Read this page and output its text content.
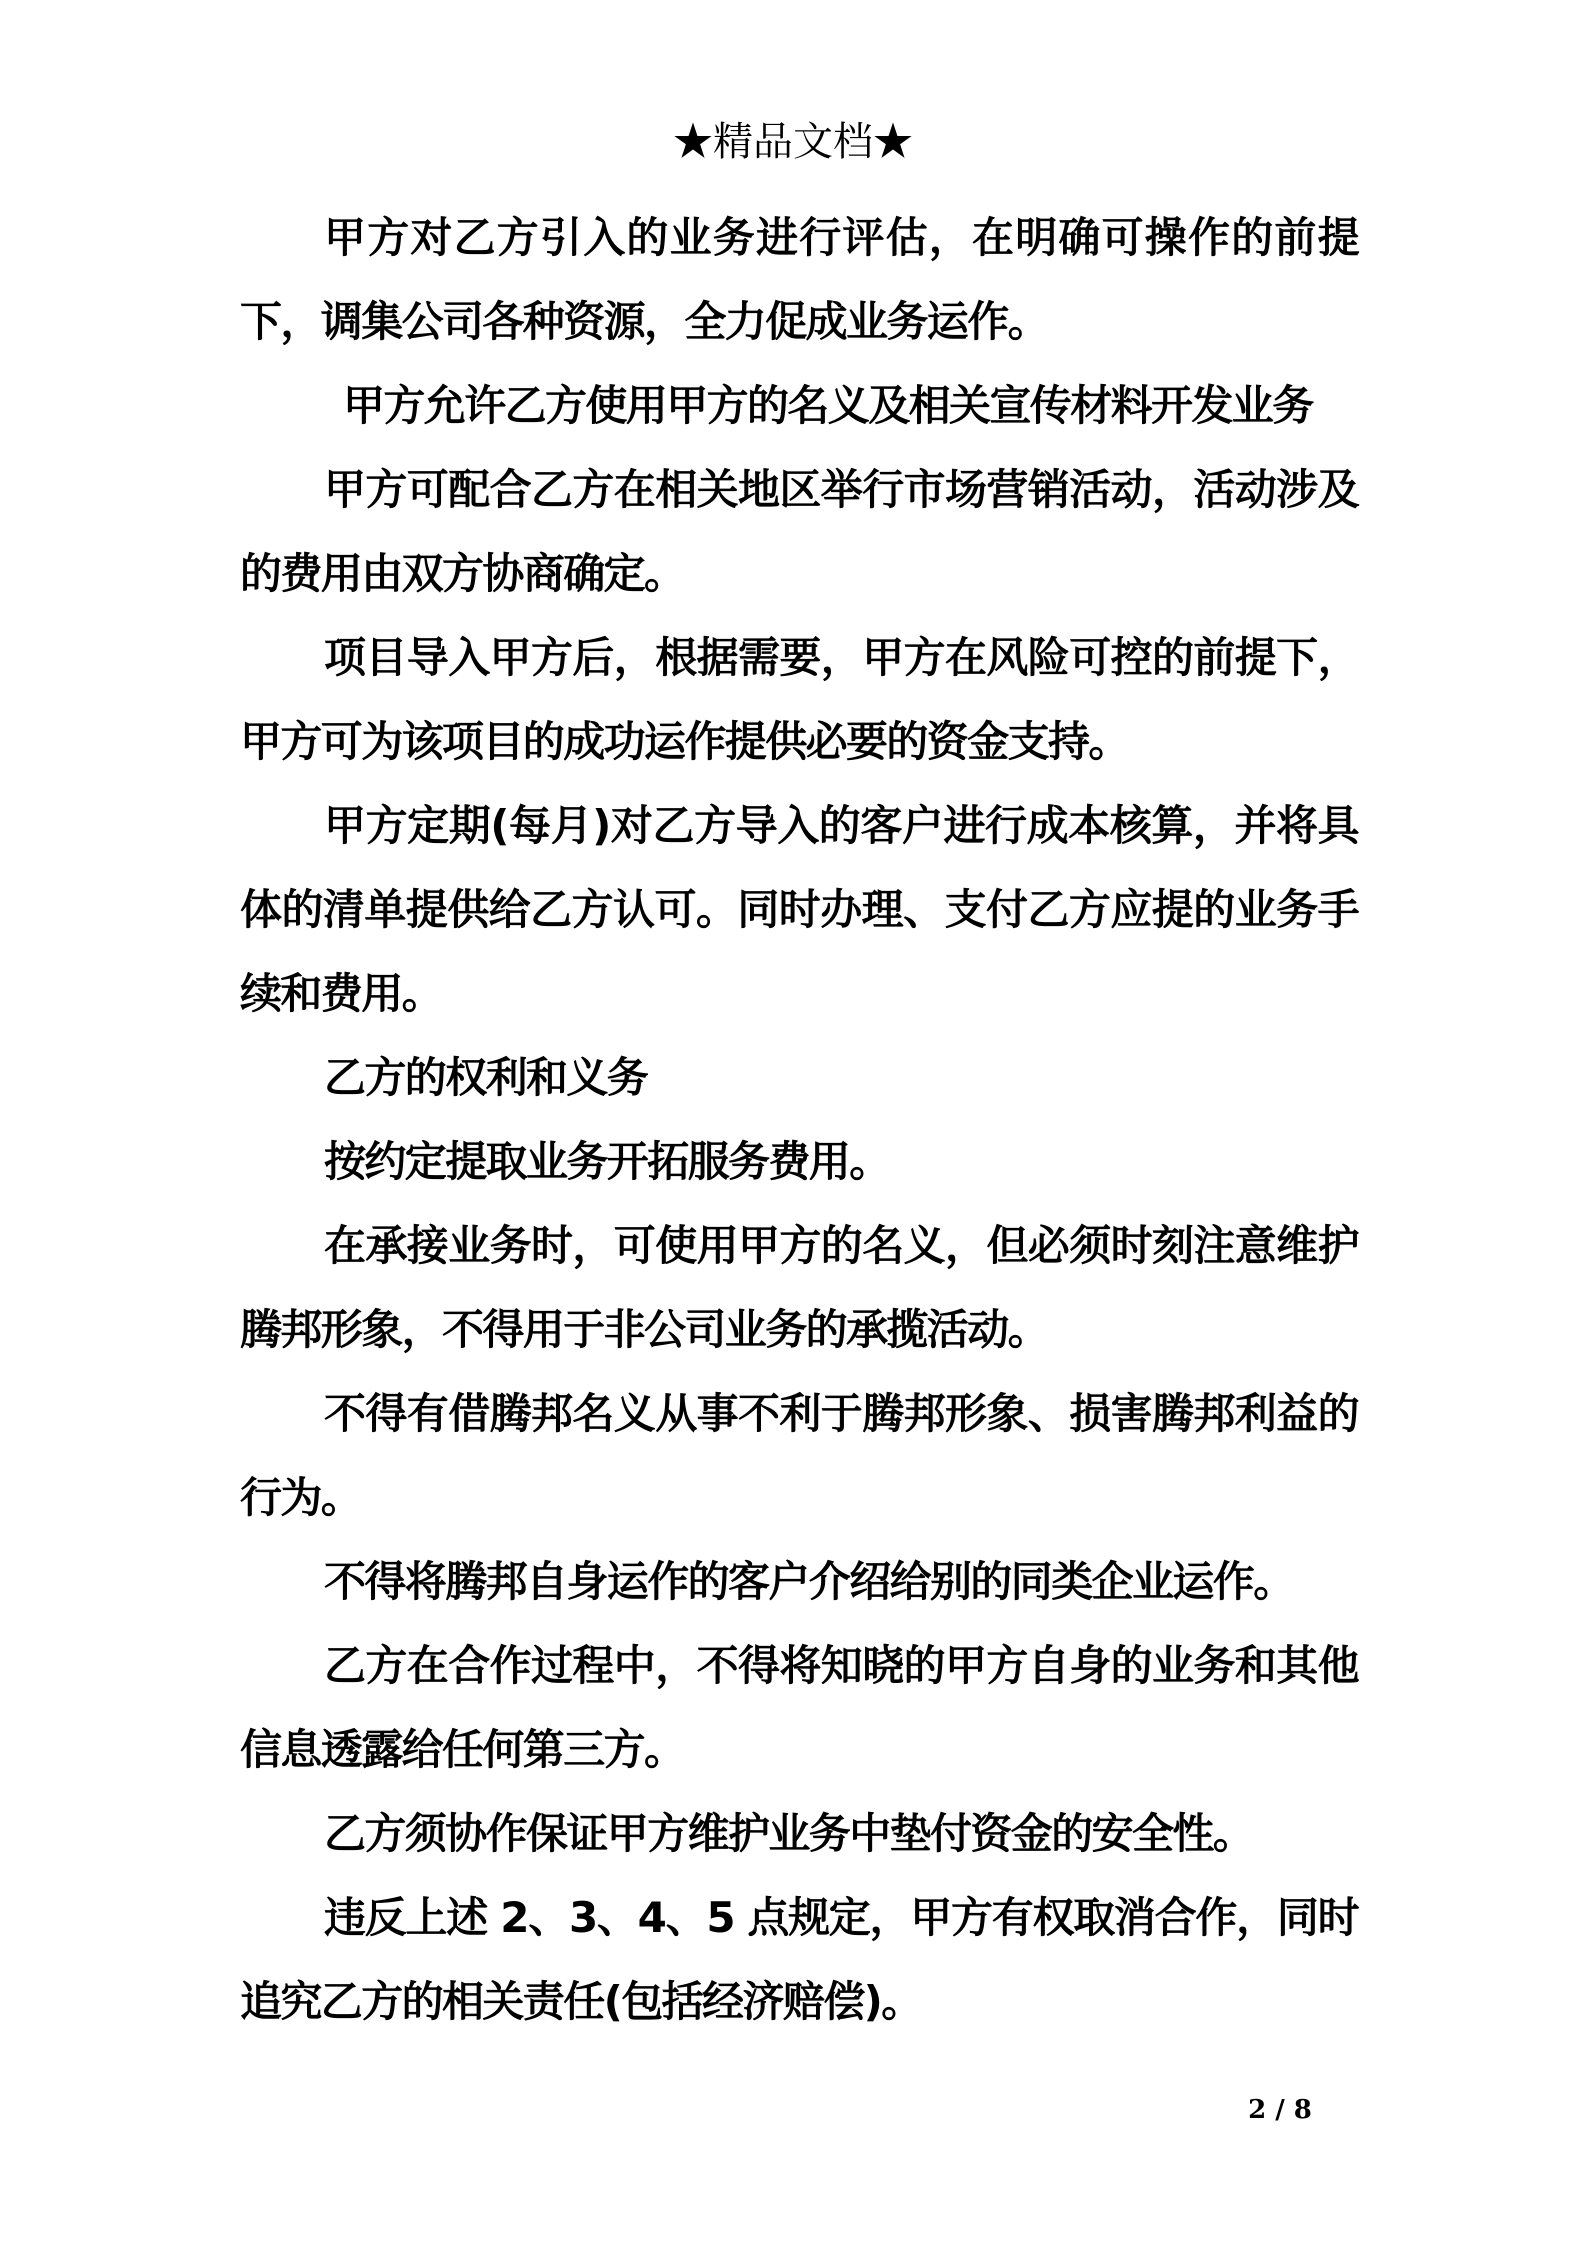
★精品文档★

甲方对乙方引入的业务进行评估，在明确可操作的前提下，调集公司各种资源，全力促成业务运作。

甲方允许乙方使用甲方的名义及相关宣传材料开发业务

甲方可配合乙方在相关地区举行市场营销活动，活动涉及的费用由双方协商确定。

项目导入甲方后，根据需要，甲方在风险可控的前提下，甲方可为该项目的成功运作提供必要的资金支持。

甲方定期(每月)对乙方导入的客户进行成本核算，并将具体的清单提供给乙方认可。同时办理、支付乙方应提的业务手续和费用。

乙方的权利和义务

按约定提取业务开拓服务费用。

在承接业务时，可使用甲方的名义，但必须时刻注意维护腾邦形象，不得用于非公司业务的承揽活动。

不得有借腾邦名义从事不利于腾邦形象、损害腾邦利益的行为。

不得将腾邦自身运作的客户介绍给别的同类企业运作。

乙方在合作过程中，不得将知晓的甲方自身的业务和其他信息透露给任何第三方。

乙方须协作保证甲方维护业务中垫付资金的安全性。

违反上述 2、3、4、5 点规定，甲方有权取消合作，同时追究乙方的相关责任(包括经济赔偿)。

2 / 8
